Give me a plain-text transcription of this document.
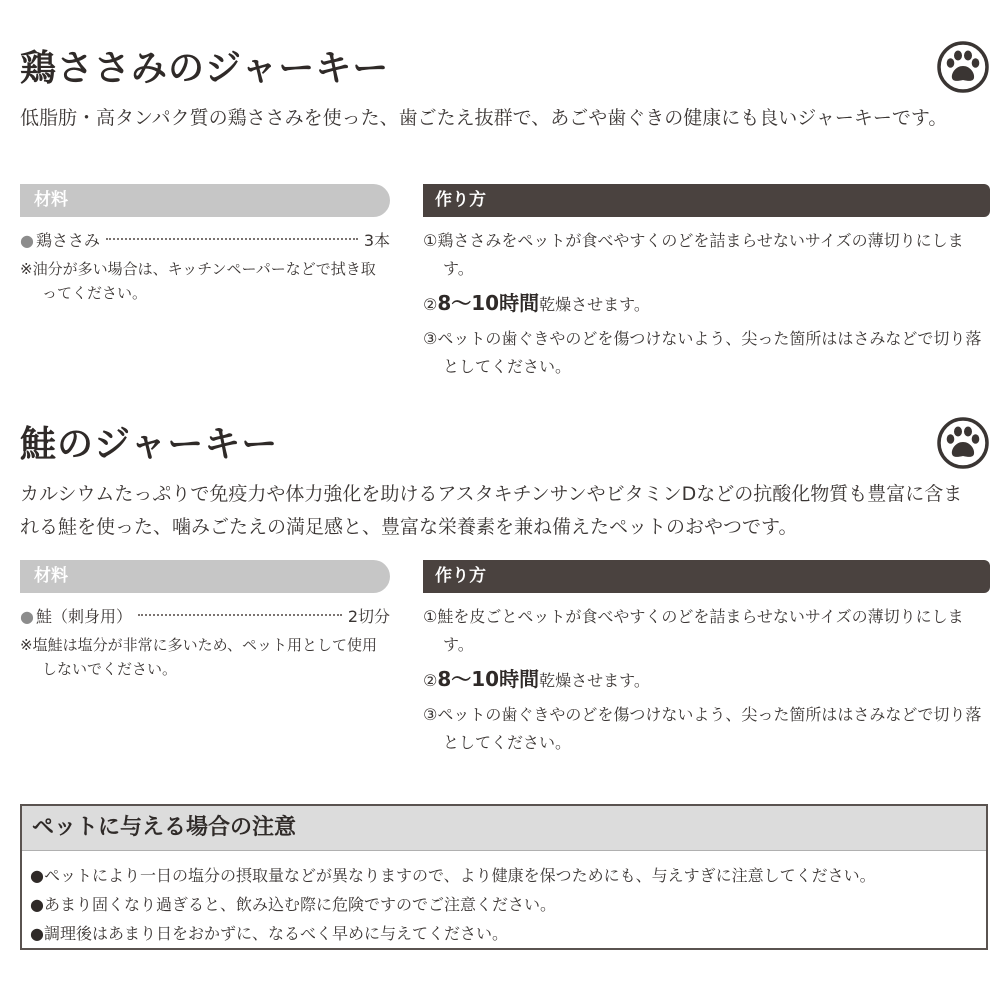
鶏ささみのジャーキー
低脂肪・高タンパク質の鶏ささみを使った、歯ごたえ抜群で、あごや歯ぐきの健康にも良いジャーキーです。
材料
● 鶏ささみ	3本
※油分が多い場合は、キッチンペーパーなどで拭き取ってください。
作り方
①鶏ささみをペットが食べやすくのどを詰まらせないサイズの薄切りにします。
②8〜10時間乾燥させます。
③ペットの歯ぐきやのどを傷つけないよう、尖った箇所ははさみなどで切り落としてください。
鮭のジャーキー
カルシウムたっぷりで免疫力や体力強化を助けるアスタキチンサンやビタミンDなどの抗酸化物質も豊富に含まれる鮭を使った、噛みごたえの満足感と、豊富な栄養素を兼ね備えたペットのおやつです。
材料
● 鮭（刺身用）	2切分
※塩鮭は塩分が非常に多いため、ペット用として使用しないでください。
作り方
①鮭を皮ごとペットが食べやすくのどを詰まらせないサイズの薄切りにします。
②8〜10時間乾燥させます。
③ペットの歯ぐきやのどを傷つけないよう、尖った箇所ははさみなどで切り落としてください。
ペットに与える場合の注意
●ペットにより一日の塩分の摂取量などが異なりますので、より健康を保つためにも、与えすぎに注意してください。
●あまり固くなり過ぎると、飲み込む際に危険ですのでご注意ください。
●調理後はあまり日をおかずに、なるべく早めに与えてください。
